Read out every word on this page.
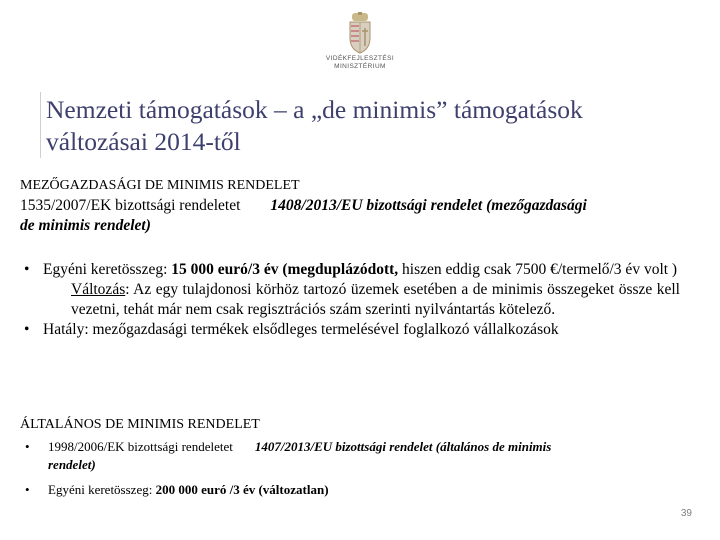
VIDÉKFEJLESZTÉSI
MINISZTÉRIUM
Nemzeti támogatások – a „de minimis” támogatások
változásai 2014-től
MEZŐGAZDASÁGI DE MINIMIS RENDELET
1535/2007/EK bizottsági rendeletet 1408/2013/EU bizottsági rendelet (mezőgazdasági
de minimis rendelet)
• Egyéni keretösszeg: 15 000 euró/3 év (megduplázódott, hiszen eddig csak 7500 €/termelő/3 év volt )
Változás: Az egy tulajdonosi körhöz tartozó üzemek esetében a de minimis összegeket össze kell vezetni, tehát már nem csak regisztrációs szám szerinti nyilvántartás kötelező.
• Hatály: mezőgazdasági termékek elsődleges termelésével foglalkozó vállalkozások
ÁLTALÁNOS DE MINIMIS RENDELET
• 1998/2006/EK bizottsági rendeletet 1407/2013/EU bizottsági rendelet (általános de minimis
rendelet)
• Egyéni keretösszeg: 200 000 euró /3 év (változatlan)
39
